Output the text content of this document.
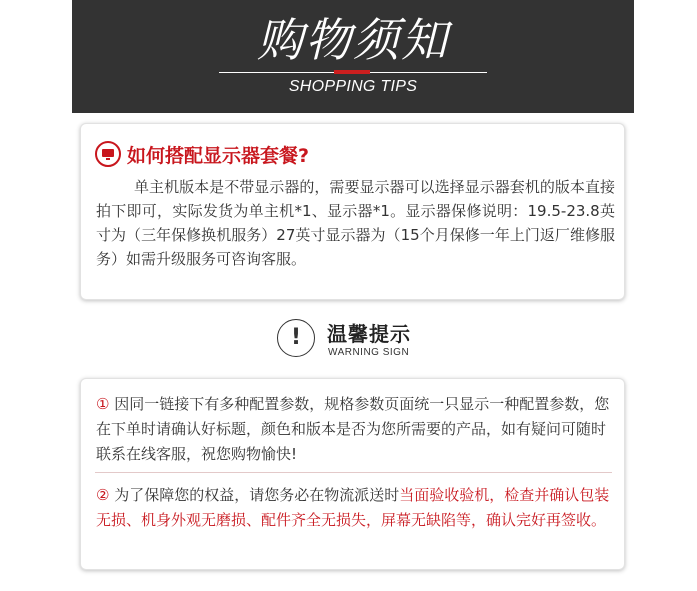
购物须知
SHOPPING TIPS
如何搭配显示器套餐?
单主机版本是不带显示器的，需要显示器可以选择显示器套机的版本直接拍下即可，实际发货为单主机*1、显示器*1。显示器保修说明：19.5-23.8英寸为（三年保修换机服务）27英寸显示器为（15个月保修一年上门返厂维修服务）如需升级服务可咨询客服。
!	温馨提示
WARNING SIGN
① 因同一链接下有多种配置参数，规格参数页面统一只显示一种配置参数，您在下单时请确认好标题，颜色和版本是否为您所需要的产品，如有疑问可随时联系在线客服，祝您购物愉快!
② 为了保障您的权益，请您务必在物流派送时当面验收验机，检查并确认包装无损、机身外观无磨损、配件齐全无损失，屏幕无缺陷等，确认完好再签收。
